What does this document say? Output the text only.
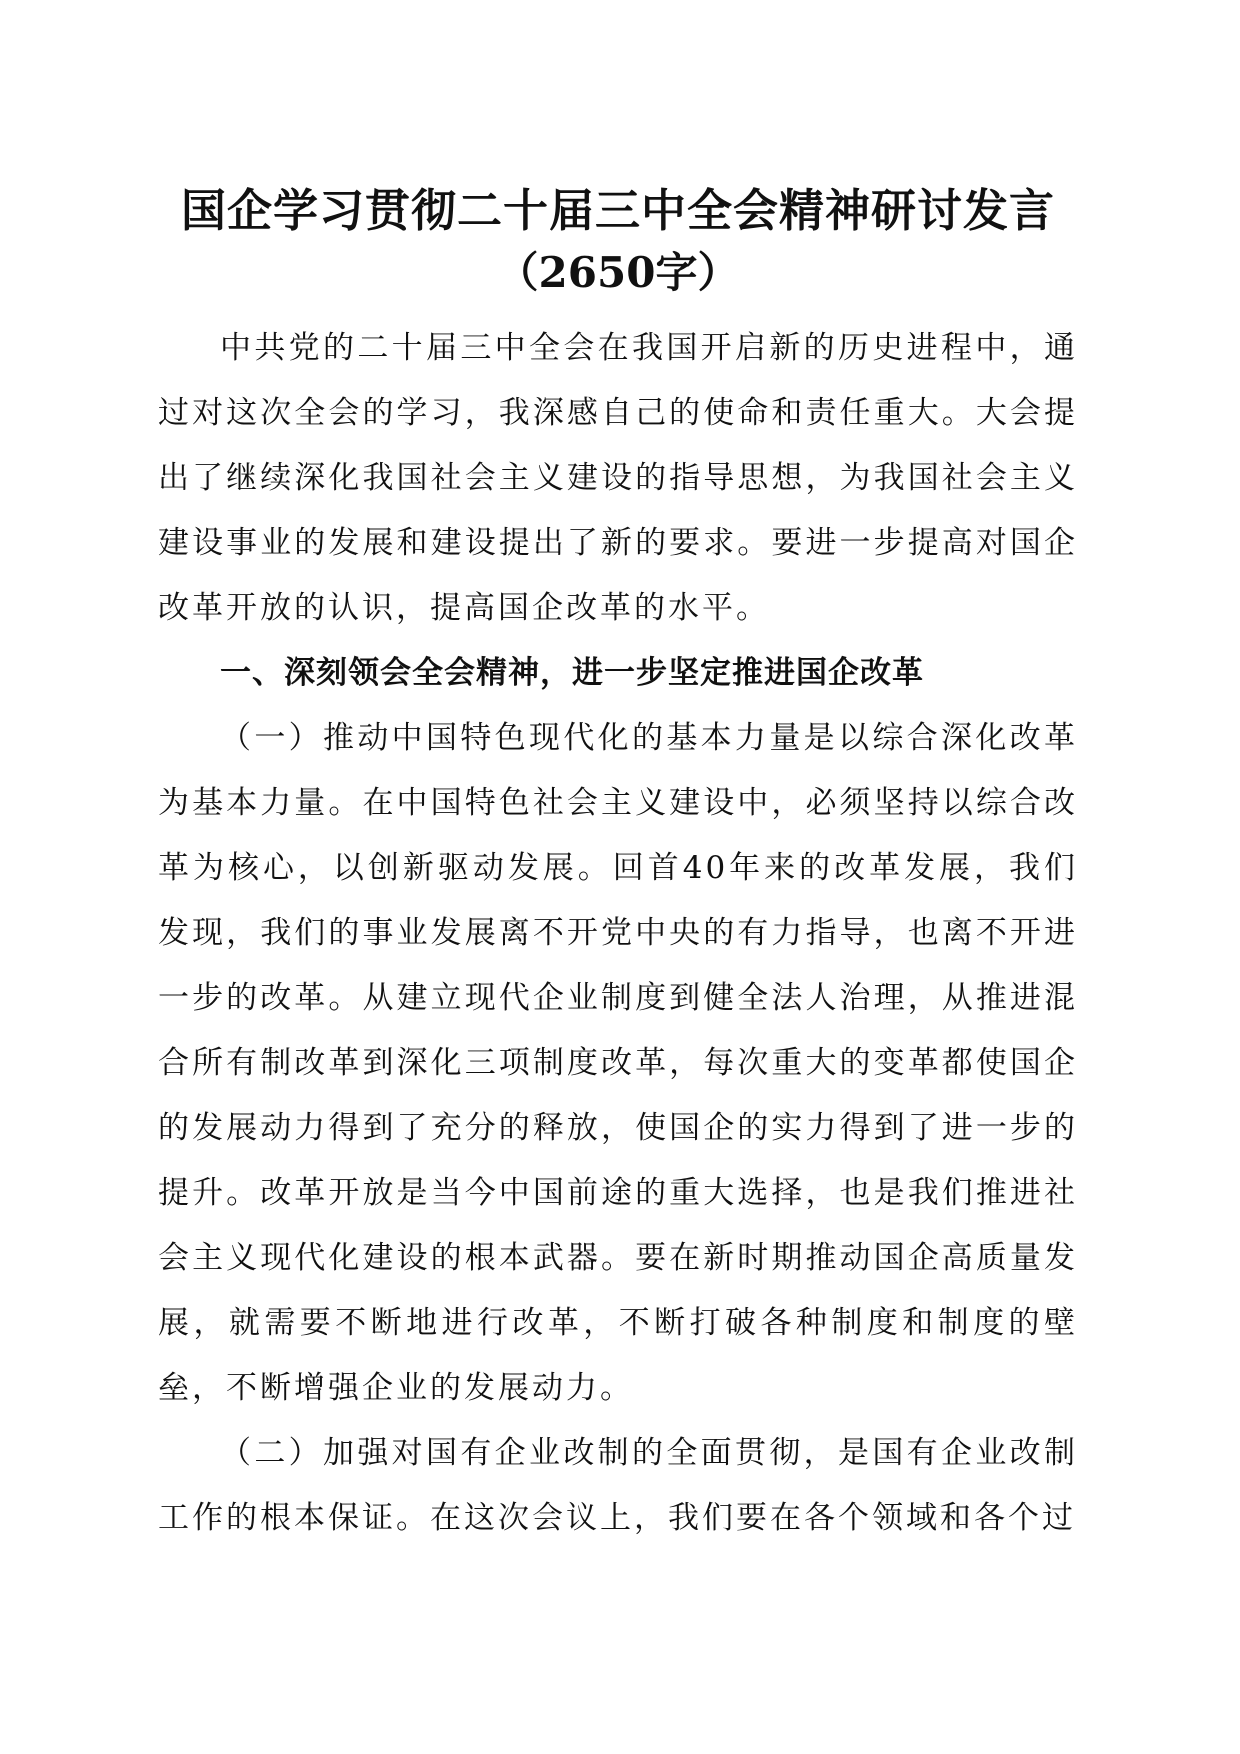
国企学习贯彻二十届三中全会精神研讨发言
（2650字）

中共党的二十届三中全会在我国开启新的历史进程中，通过对这次全会的学习，我深感自己的使命和责任重大。大会提出了继续深化我国社会主义建设的指导思想，为我国社会主义建设事业的发展和建设提出了新的要求。要进一步提高对国企改革开放的认识，提高国企改革的水平。

一、深刻领会全会精神，进一步坚定推进国企改革

（一）推动中国特色现代化的基本力量是以综合深化改革为基本力量。在中国特色社会主义建设中，必须坚持以综合改革为核心，以创新驱动发展。回首40年来的改革发展，我们发现，我们的事业发展离不开党中央的有力指导，也离不开进一步的改革。从建立现代企业制度到健全法人治理，从推进混合所有制改革到深化三项制度改革，每次重大的变革都使国企的发展动力得到了充分的释放，使国企的实力得到了进一步的提升。改革开放是当今中国前途的重大选择，也是我们推进社会主义现代化建设的根本武器。要在新时期推动国企高质量发展，就需要不断地进行改革，不断打破各种制度和制度的壁垒，不断增强企业的发展动力。

（二）加强对国有企业改制的全面贯彻，是国有企业改制工作的根本保证。在这次会议上，我们要在各个领域和各个过
